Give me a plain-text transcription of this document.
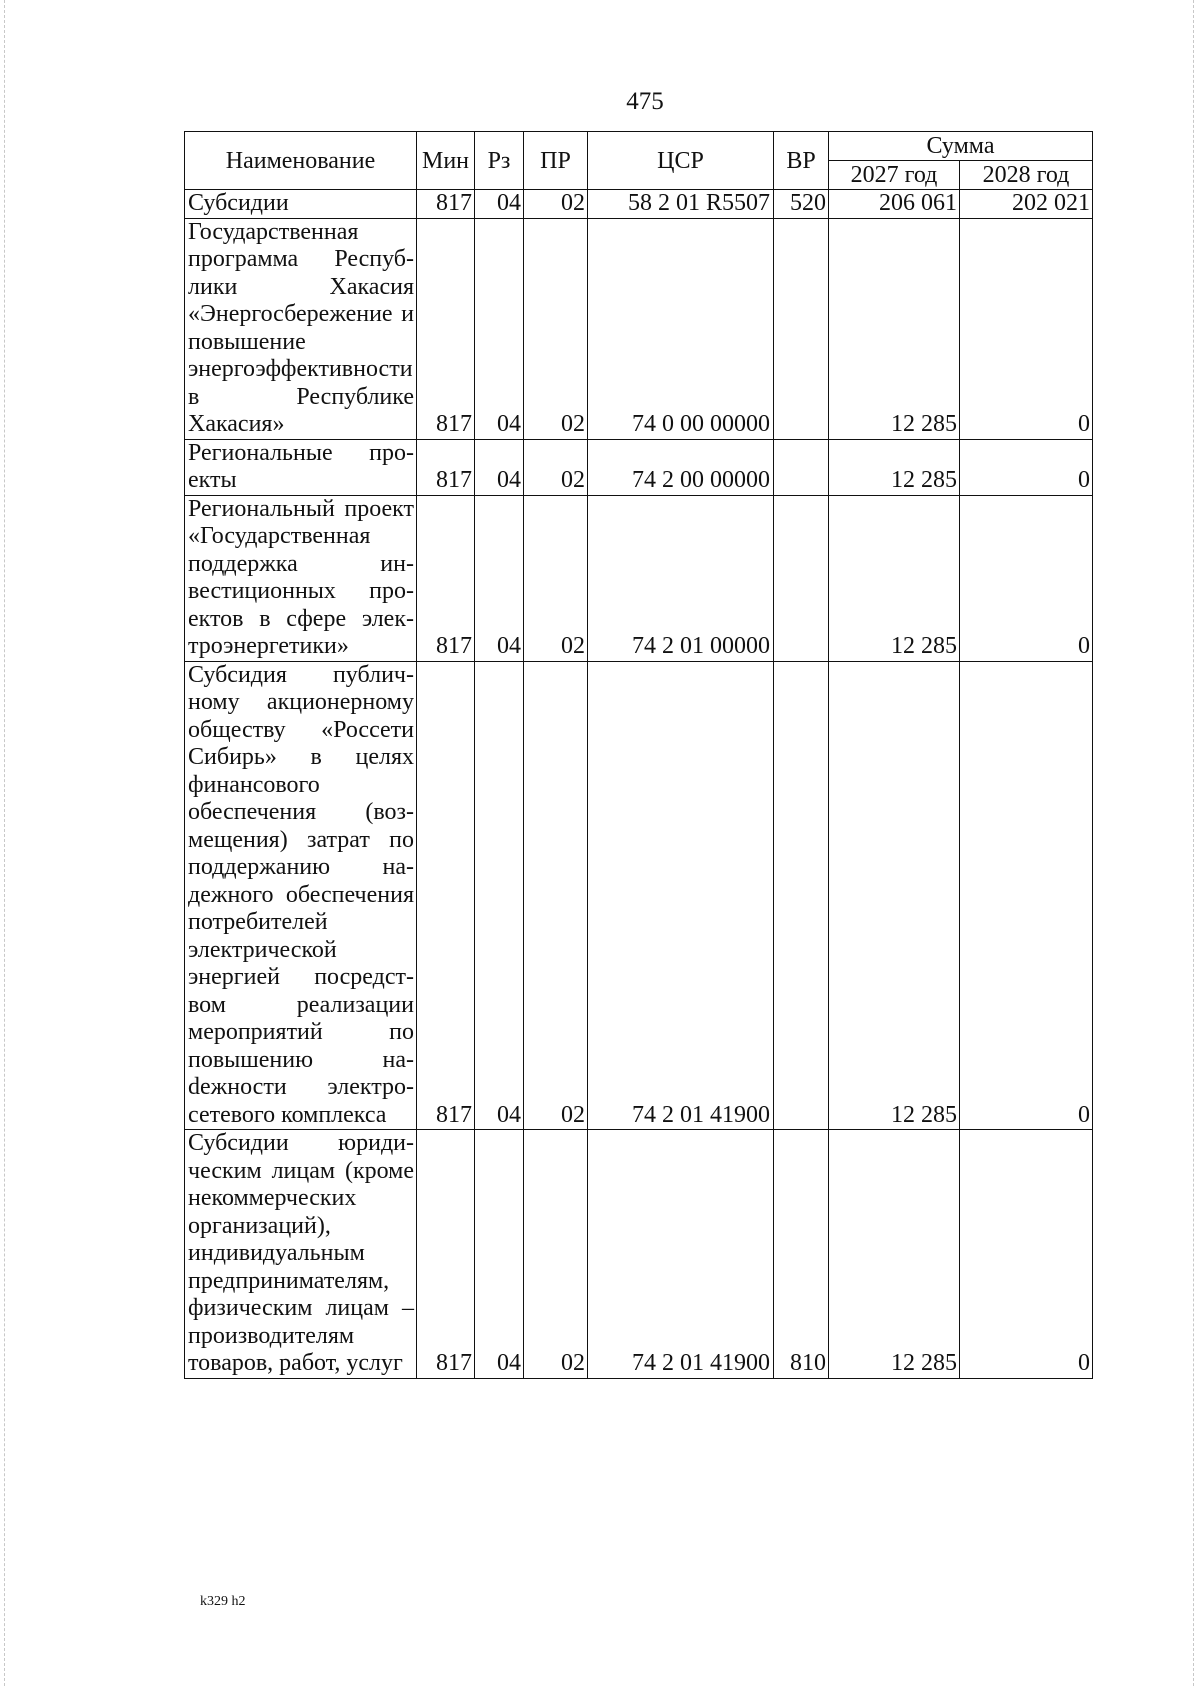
475
Наименование	Мин	Рз	ПР	ЦСР	ВР	Сумма	
						2027 год	2028 год
Субсидии	817	04	02	58 2 01 R5507	520	206 061	202 021
Государственная программа Республики Хакасия «Энергосбережение и повышение энергоэффективности в Республике Хакасия»	817	04	02	74 0 00 00000		12 285	0
Региональные проекты	817	04	02	74 2 00 00000		12 285	0
Региональный проект «Государственная поддержка инвестиционных проектов в сфере электроэнергетики»	817	04	02	74 2 01 00000		12 285	0
Субсидия публичному акционерному обществу «Россети Сибирь» в целях финансового обеспечения (возмещения) затрат по поддержанию надежного обеспечения потребителей электрической энергией посредством реализации мероприятий по повышению наdежности электросетевого комплекса	817	04	02	74 2 01 41900		12 285	0
Субсидии юридическим лицам (кроме некоммерческих организаций), индивидуальным предпринимателям, физическим лицам – производителям товаров, работ, услуг	817	04	02	74 2 01 41900	810	12 285	0
k329 h2
